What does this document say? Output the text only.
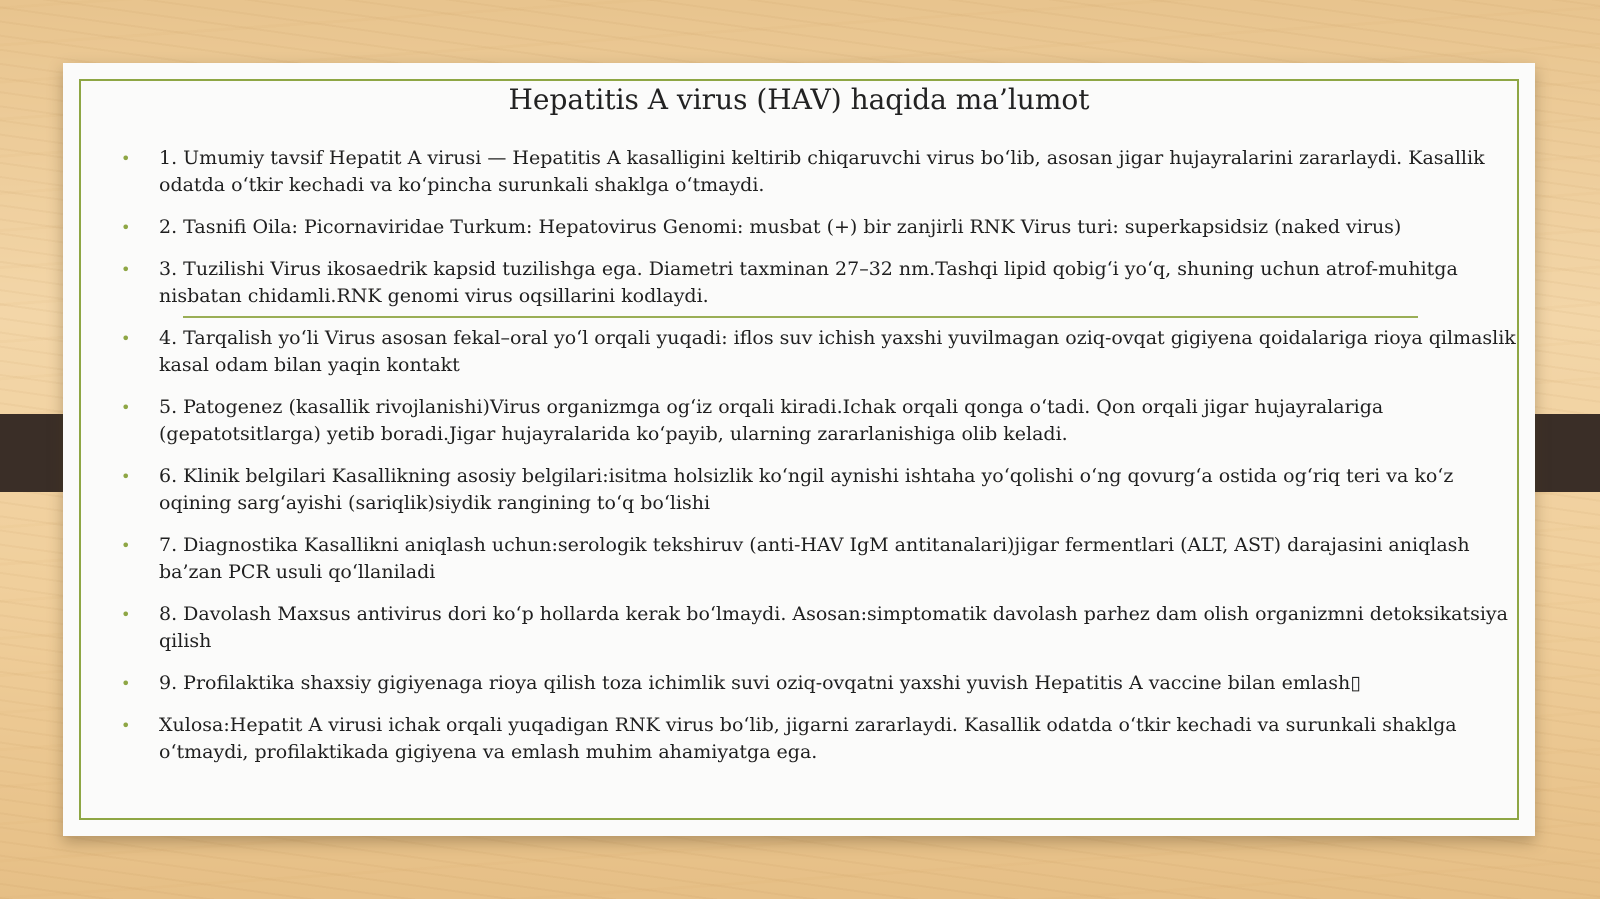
Hepatitis A virus (HAV) haqida ma’lumot
• 1. Umumiy tavsif Hepatit A virusi — Hepatitis A kasalligini keltirib chiqaruvchi virus bo‘lib, asosan jigar hujayralarini zararlaydi. Kasallik odatda o‘tkir kechadi va ko‘pincha surunkali shaklga o‘tmaydi.
• 2. Tasnifi Oila: Picornaviridae Turkum: Hepatovirus Genomi: musbat (+) bir zanjirli RNK Virus turi: superkapsidsiz (naked virus)
• 3. Tuzilishi Virus ikosaedrik kapsid tuzilishga ega. Diametri taxminan 27–32 nm.Tashqi lipid qobig‘i yo‘q, shuning uchun atrof-muhitga nisbatan chidamli.RNK genomi virus oqsillarini kodlaydi.
• 4. Tarqalish yo‘li Virus asosan fekal–oral yo‘l orqali yuqadi: iflos suv ichish yaxshi yuvilmagan oziq-ovqat gigiyena qoidalariga rioya qilmaslik kasal odam bilan yaqin kontakt
• 5. Patogenez (kasallik rivojlanishi)Virus organizmga og‘iz orqali kiradi.Ichak orqali qonga o‘tadi. Qon orqali jigar hujayralariga (gepatotsitlarga) yetib boradi.Jigar hujayralarida ko‘payib, ularning zararlanishiga olib keladi.
• 6. Klinik belgilari Kasallikning asosiy belgilari:isitma holsizlik ko‘ngil aynishi ishtaha yo‘qolishi o‘ng qovurg‘a ostida og‘riq teri va ko‘z oqining sarg‘ayishi (sariqlik)siydik rangining to‘q bo‘lishi
• 7. Diagnostika Kasallikni aniqlash uchun:serologik tekshiruv (anti-HAV IgM antitanalari)jigar fermentlari (ALT, AST) darajasini aniqlash ba’zan PCR usuli qo‘llaniladi
• 8. Davolash Maxsus antivirus dori ko‘p hollarda kerak bo‘lmaydi. Asosan:simptomatik davolash parhez dam olish organizmni detoksikatsiya qilish
• 9. Profilaktika shaxsiy gigiyenaga rioya qilish toza ichimlik suvi oziq-ovqatni yaxshi yuvish Hepatitis A vaccine bilan emlash▯
• Xulosa:Hepatit A virusi ichak orqali yuqadigan RNK virus bo‘lib, jigarni zararlaydi. Kasallik odatda o‘tkir kechadi va surunkali shaklga o‘tmaydi, profilaktikada gigiyena va emlash muhim ahamiyatga ega.
